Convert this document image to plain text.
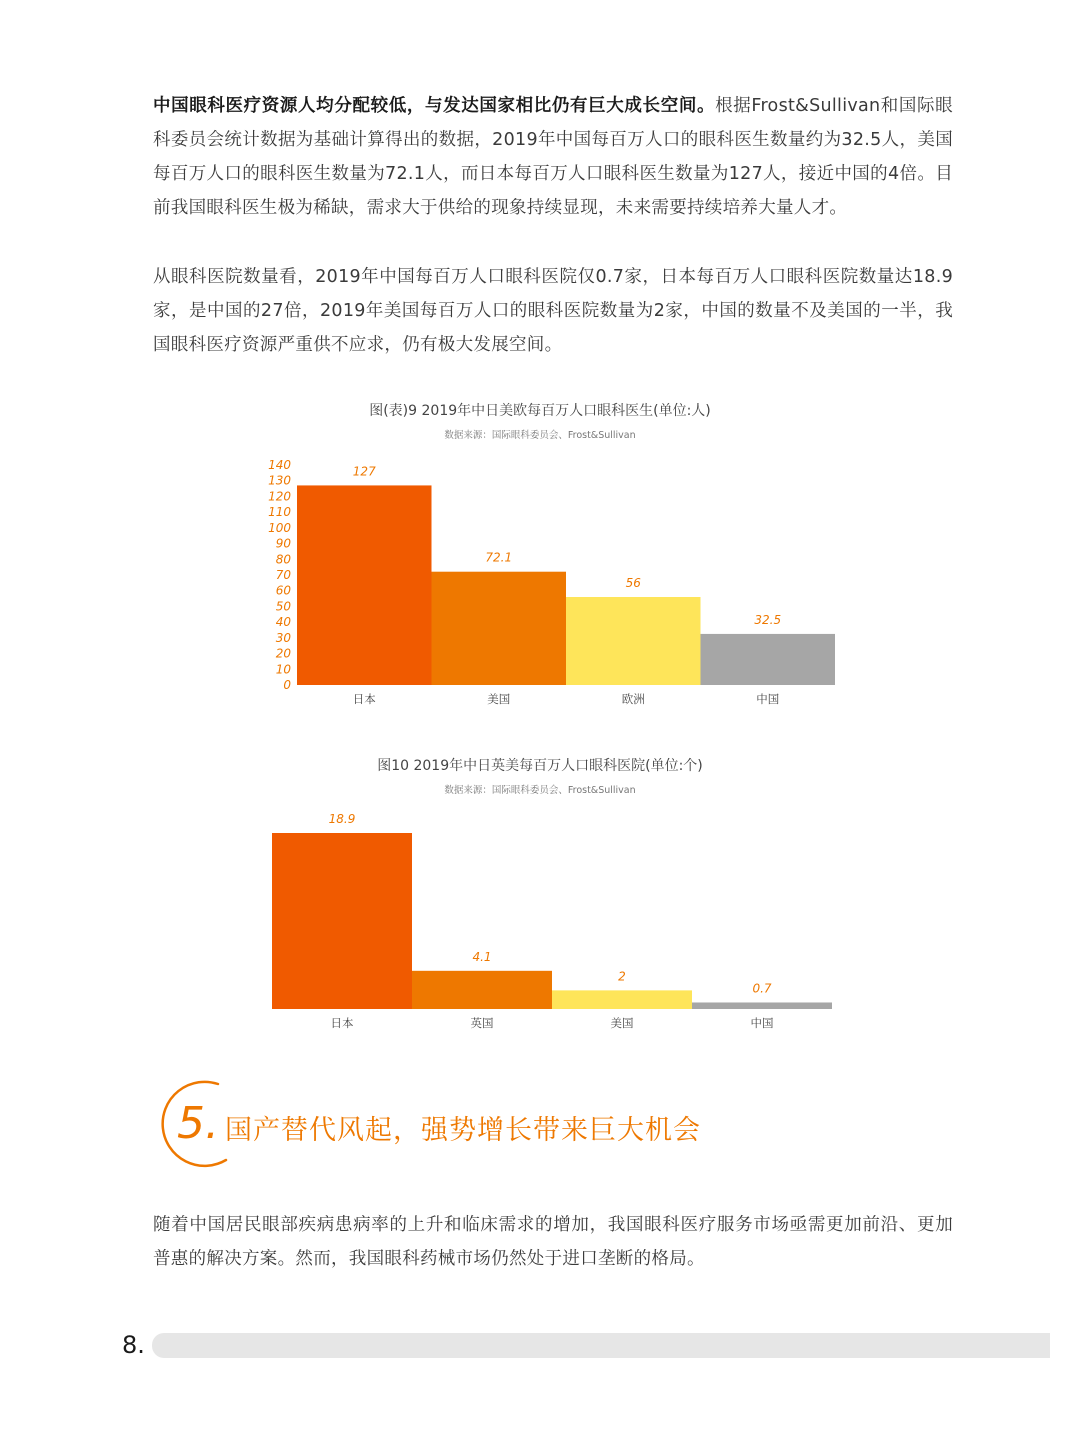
中国眼科医疗资源人均分配较低，与发达国家相比仍有巨大成长空间。根据Frost&Sullivan和国际眼科委员会统计数据为基础计算得出的数据，2019年中国每百万人口的眼科医生数量约为32.5人，美国每百万人口的眼科医生数量为72.1人，而日本每百万人口眼科医生数量为127人，接近中国的4倍。目前我国眼科医生极为稀缺，需求大于供给的现象持续显现，未来需要持续培养大量人才。

从眼科医院数量看，2019年中国每百万人口眼科医院仅0.7家，日本每百万人口眼科医院数量达18.9家，是中国的27倍，2019年美国每百万人口的眼科医院数量为2家，中国的数量不及美国的一半，我国眼科医疗资源严重供不应求，仍有极大发展空间。

图(表)9 2019年中日美欧每百万人口眼科医生(单位:人)
数据来源：国际眼科委员会、Frost&Sullivan
0
10
20
30
40
50
60
70
80
90
100
110
120
130
140	127
日本
72.1
美国
56
欧洲
32.5
中国
图10 2019年中日英美每百万人口眼科医院(单位:个)
数据来源：国际眼科委员会、Frost&Sullivan
18.9
日本
4.1
英国
2
美国
0.7
中国
5. 国产替代风起，强势增长带来巨大机会

随着中国居民眼部疾病患病率的上升和临床需求的增加，我国眼科医疗服务市场亟需更加前沿、更加普惠的解决方案。然而，我国眼科药械市场仍然处于进口垄断的格局。

8.
